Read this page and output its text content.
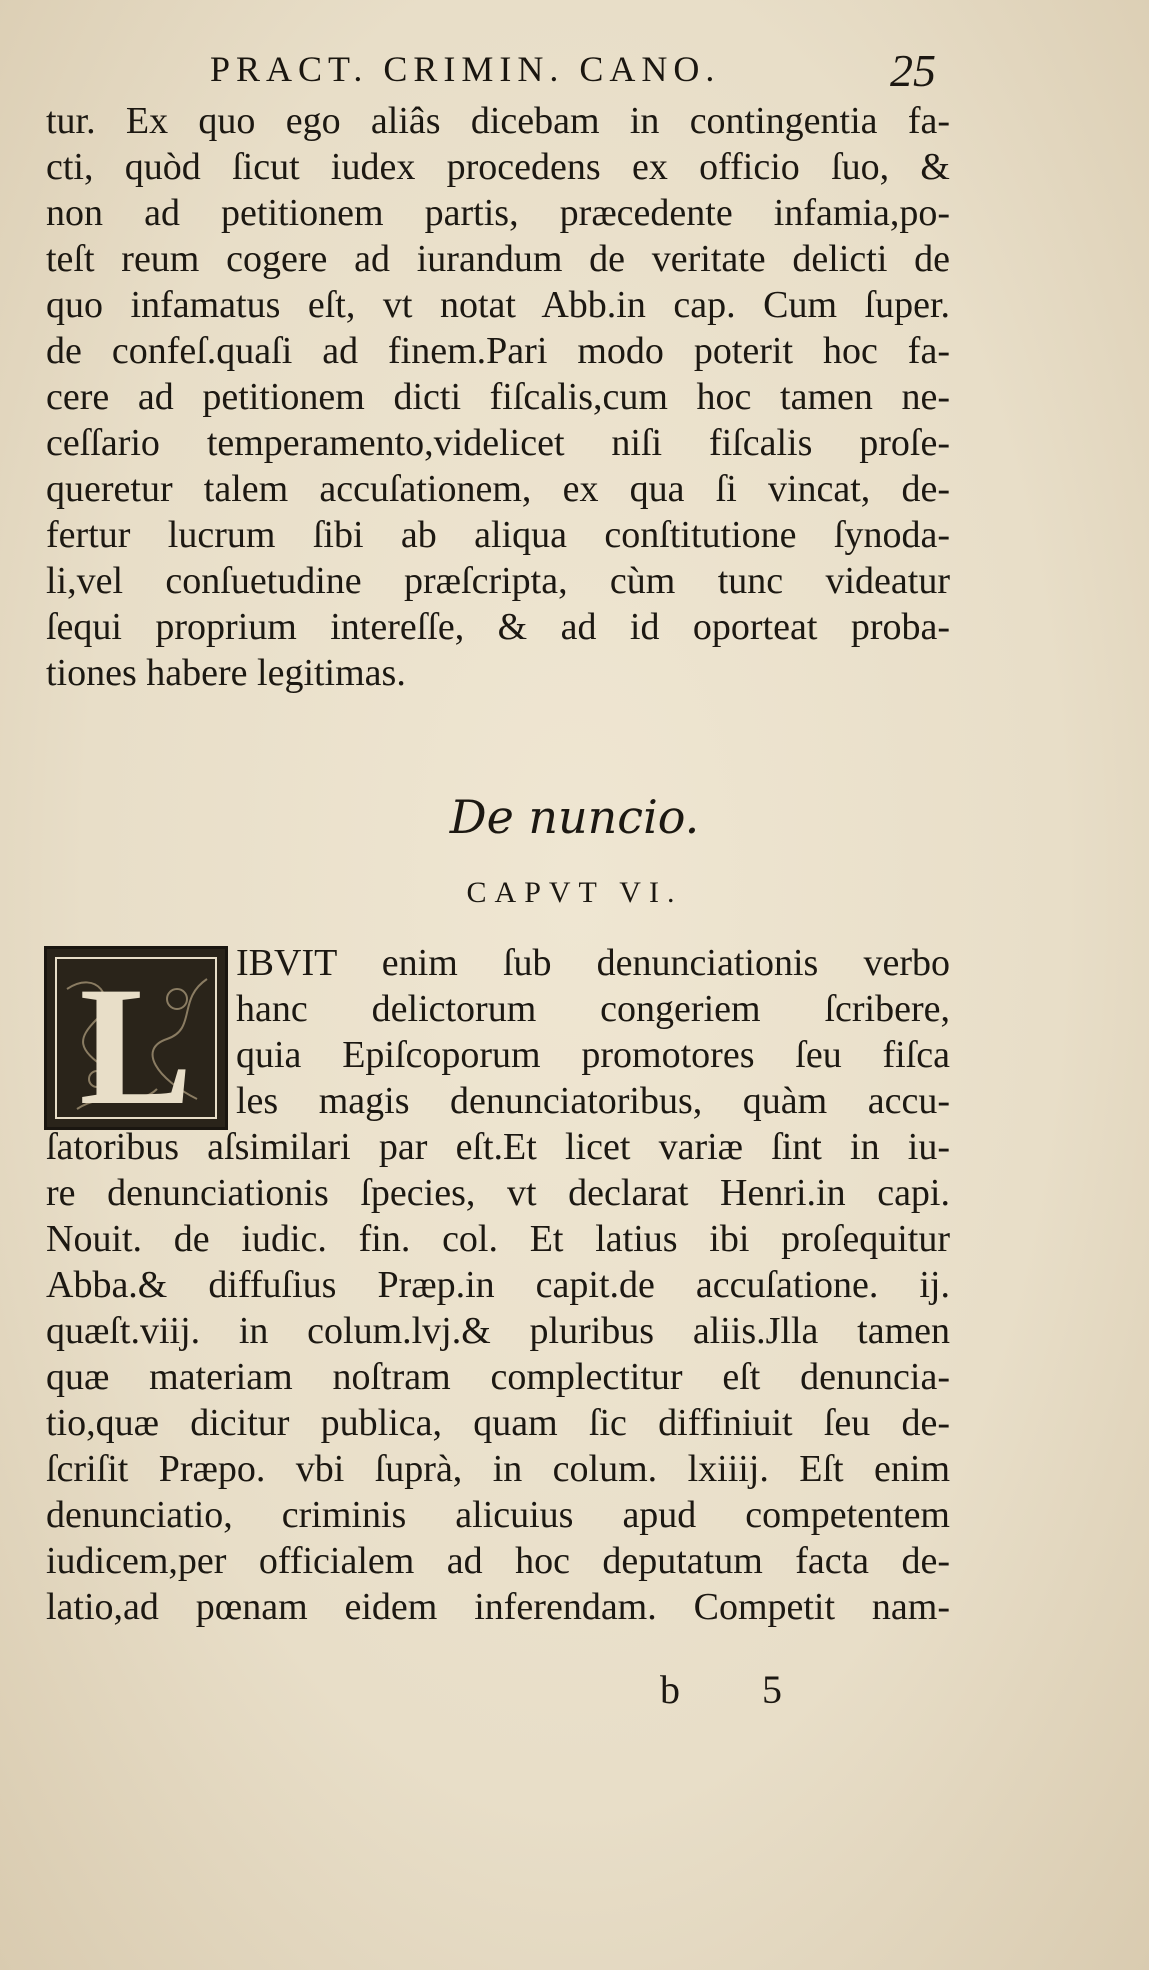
PRACT. CRIMIN. CANO.	25
tur. Ex quo ego aliâs dicebam in contingentia fa-
cti, quòd ſicut iudex procedens ex officio ſuo, &
non ad petitionem partis, præcedente infamia,po-
teſt reum cogere ad iurandum de veritate delicti de
quo infamatus eſt, vt notat Abb.in cap. Cum ſuper.
de confeſ.quaſi ad finem.Pari modo poterit hoc fa-
cere ad petitionem dicti fiſcalis,cum hoc tamen ne-
ceſſario temperamento,videlicet niſi fiſcalis proſe-
queretur talem accuſationem, ex qua ſi vincat, de-
fertur lucrum ſibi ab aliqua conſtitutione ſynoda-
li,vel conſuetudine præſcripta, cùm tunc videatur
ſequi proprium intereſſe, & ad id oporteat proba-
tiones habere legitimas.
De nuncio.
CAPVT VI.
L	IBVIT enim ſub denunciationis verbo
hanc delictorum congeriem ſcribere,
quia Epiſcoporum promotores ſeu fiſca
les magis denunciatoribus, quàm accu-
ſatoribus aſsimilari par eſt.Et licet variæ ſint in iu-
re denunciationis ſpecies, vt declarat Henri.in capi.
Nouit. de iudic. fin. col. Et latius ibi proſequitur
Abba.& diffuſius Præp.in capit.de accuſatione. ij.
quæſt.viij. in colum.lvj.& pluribus aliis.Jlla tamen
quæ materiam noſtram complectitur eſt denuncia-
tio,quæ dicitur publica, quam ſic diffiniuit ſeu de-
ſcriſit Præpo. vbi ſuprà, in colum. lxiiij. Eſt enim
denunciatio, criminis alicuius apud competentem
iudicem,per officialem ad hoc deputatum facta de-
latio,ad pœnam eidem inferendam. Competit nam-
b 5
